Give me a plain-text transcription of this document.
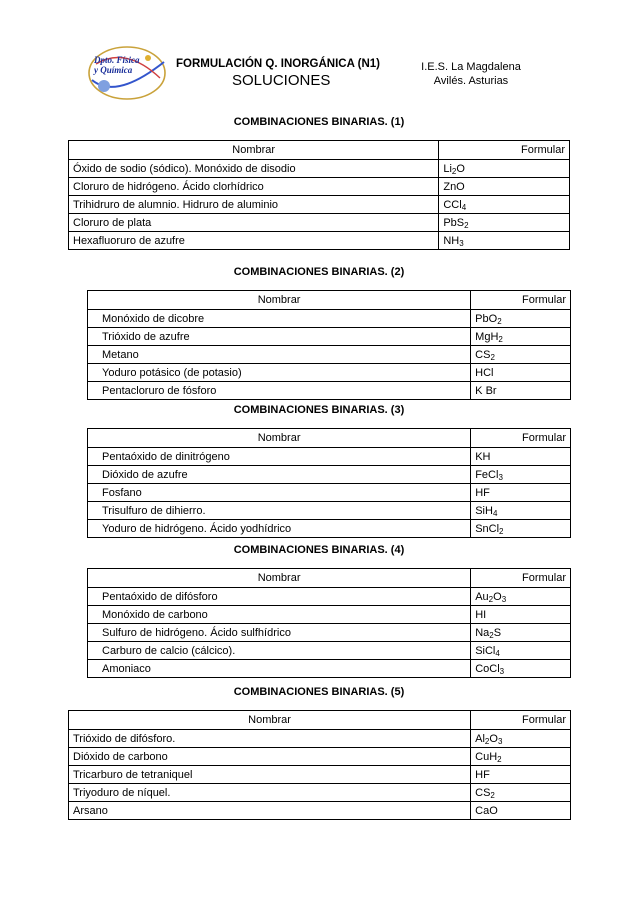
Dpto. Física
y Química	FORMULACIÓN Q. INORGÁNICA (N1)
SOLUCIONES
I.E.S. La Magdalena
Avilés. Asturias
COMBINACIONES BINARIAS. (1)
Nombrar	Formular
Óxido de sodio (sódico). Monóxido de disodio	$Li_2O$
Cloruro de hidrógeno. Ácido clorhídrico	ZnO
Trihidruro de alumnio. Hidruro de aluminio	CCl$_4$
Cloruro de plata	PbS$_2$
Hexafluoruro de azufre	$NH_3$
COMBINACIONES BINARIAS. (2)
Nombrar	Formular
Monóxido de dicobre	PbO$_2$
Trióxido de azufre	MgH$_2$
Metano	$CS_2$
Yoduro potásico (de potasio)	HCl
Pentacloruro de fósforo	K Br
COMBINACIONES BINARIAS. (3)
Nombrar	Formular
Pentaóxido de dinitrógeno	KH
Dióxido de azufre	FeCl$_3$
Fosfano	HF
Trisulfuro de dihierro.	SiH$_4$
Yoduro de hidrógeno. Ácido yodhídrico	SnCl$_2$
COMBINACIONES BINARIAS. (4)
Nombrar	Formular
Pentaóxido de difósforo	$Au_2O_3$
Monóxido de carbono	HI
Sulfuro de hidrógeno. Ácido sulfhídrico	$Na_2S$
Carburo de calcio (cálcico).	SiCl$_4$
Amoniaco	CoCl$_3$
COMBINACIONES BINARIAS. (5)
Nombrar	Formular
Trióxido de difósforo.	$Al_2O_3$
Dióxido de carbono	CuH$_2$
Tricarburo de tetraniquel	HF
Triyoduro de níquel.	$CS_2$
Arsano	CaO
